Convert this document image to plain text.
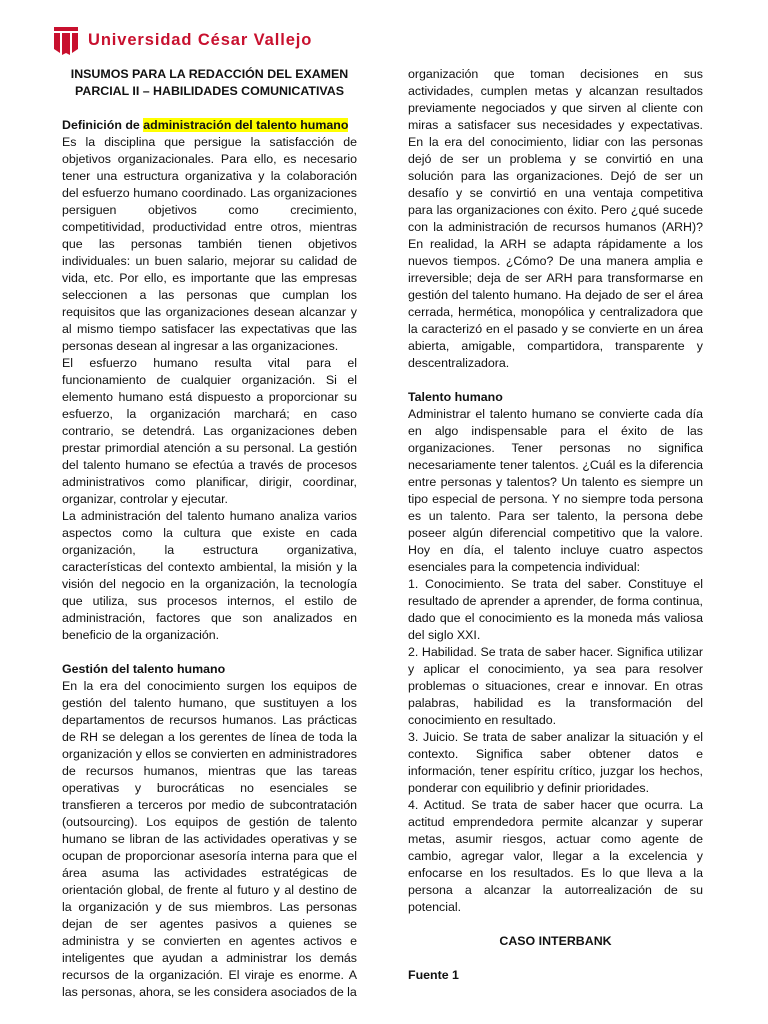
Universidad César Vallejo

INSUMOS PARA LA REDACCIÓN DEL EXAMEN

PARCIAL II – HABILIDADES COMUNICATIVAS

Definición de administración del talento humano

Es la disciplina que persigue la satisfacción de objetivos organizacionales. Para ello, es necesario tener una estructura organizativa y la colaboración del esfuerzo humano coordinado. Las organizaciones persiguen objetivos como crecimiento, competitividad, productividad entre otros, mientras que las personas también tienen objetivos individuales: un buen salario, mejorar su calidad de vida, etc. Por ello, es importante que las empresas seleccionen a las personas que cumplan los requisitos que las organizaciones desean alcanzar y al mismo tiempo satisfacer las expectativas que las personas desean al ingresar a las organizaciones.

El esfuerzo humano resulta vital para el funcionamiento de cualquier organización. Si el elemento humano está dispuesto a proporcionar su esfuerzo, la organización marchará; en caso contrario, se detendrá. Las organizaciones deben prestar primordial atención a su personal. La gestión del talento humano se efectúa a través de procesos administrativos como planificar, dirigir, coordinar, organizar, controlar y ejecutar.

La administración del talento humano analiza varios aspectos como la cultura que existe en cada organización, la estructura organizativa, características del contexto ambiental, la misión y la visión del negocio en la organización, la tecnología que utiliza, sus procesos internos, el estilo de administración, factores que son analizados en beneficio de la organización.

Gestión del talento humano

En la era del conocimiento surgen los equipos de gestión del talento humano, que sustituyen a los departamentos de recursos humanos. Las prácticas de RH se delegan a los gerentes de línea de toda la organización y ellos se convierten en administradores de recursos humanos, mientras que las tareas operativas y burocráticas no esenciales se transfieren a terceros por medio de subcontratación (outsourcing). Los equipos de gestión de talento humano se libran de las actividades operativas y se ocupan de proporcionar asesoría interna para que el área asuma las actividades estratégicas de orientación global, de frente al futuro y al destino de la organización y de sus miembros. Las personas dejan de ser agentes pasivos a quienes se administra y se convierten en agentes activos e inteligentes que ayudan a administrar los demás recursos de la organización. El viraje es enorme. A las personas, ahora, se les considera asociados de la

organización que toman decisiones en sus actividades, cumplen metas y alcanzan resultados previamente negociados y que sirven al cliente con miras a satisfacer sus necesidades y expectativas. En la era del conocimiento, lidiar con las personas dejó de ser un problema y se convirtió en una solución para las organizaciones. Dejó de ser un desafío y se convirtió en una ventaja competitiva para las organizaciones con éxito. Pero ¿qué sucede con la administración de recursos humanos (ARH)? En realidad, la ARH se adapta rápidamente a los nuevos tiempos. ¿Cómo? De una manera amplia e irreversible; deja de ser ARH para transformarse en gestión del talento humano. Ha dejado de ser el área cerrada, hermética, monopólica y centralizadora que la caracterizó en el pasado y se convierte en un área abierta, amigable, compartidora, transparente y descentralizadora.

Talento humano

Administrar el talento humano se convierte cada día en algo indispensable para el éxito de las organizaciones. Tener personas no significa necesariamente tener talentos. ¿Cuál es la diferencia entre personas y talentos? Un talento es siempre un tipo especial de persona. Y no siempre toda persona es un talento. Para ser talento, la persona debe poseer algún diferencial competitivo que la valore. Hoy en día, el talento incluye cuatro aspectos esenciales para la competencia individual:

1. Conocimiento. Se trata del saber. Constituye el resultado de aprender a aprender, de forma continua, dado que el conocimiento es la moneda más valiosa del siglo XXI.

2. Habilidad. Se trata de saber hacer. Significa utilizar y aplicar el conocimiento, ya sea para resolver problemas o situaciones, crear e innovar. En otras palabras, habilidad es la transformación del conocimiento en resultado.

3. Juicio. Se trata de saber analizar la situación y el contexto. Significa saber obtener datos e información, tener espíritu crítico, juzgar los hechos, ponderar con equilibrio y definir prioridades.

4. Actitud. Se trata de saber hacer que ocurra. La actitud emprendedora permite alcanzar y superar metas, asumir riesgos, actuar como agente de cambio, agregar valor, llegar a la excelencia y enfocarse en los resultados. Es lo que lleva a la persona a alcanzar la autorrealización de su potencial.

CASO INTERBANK

Fuente 1
